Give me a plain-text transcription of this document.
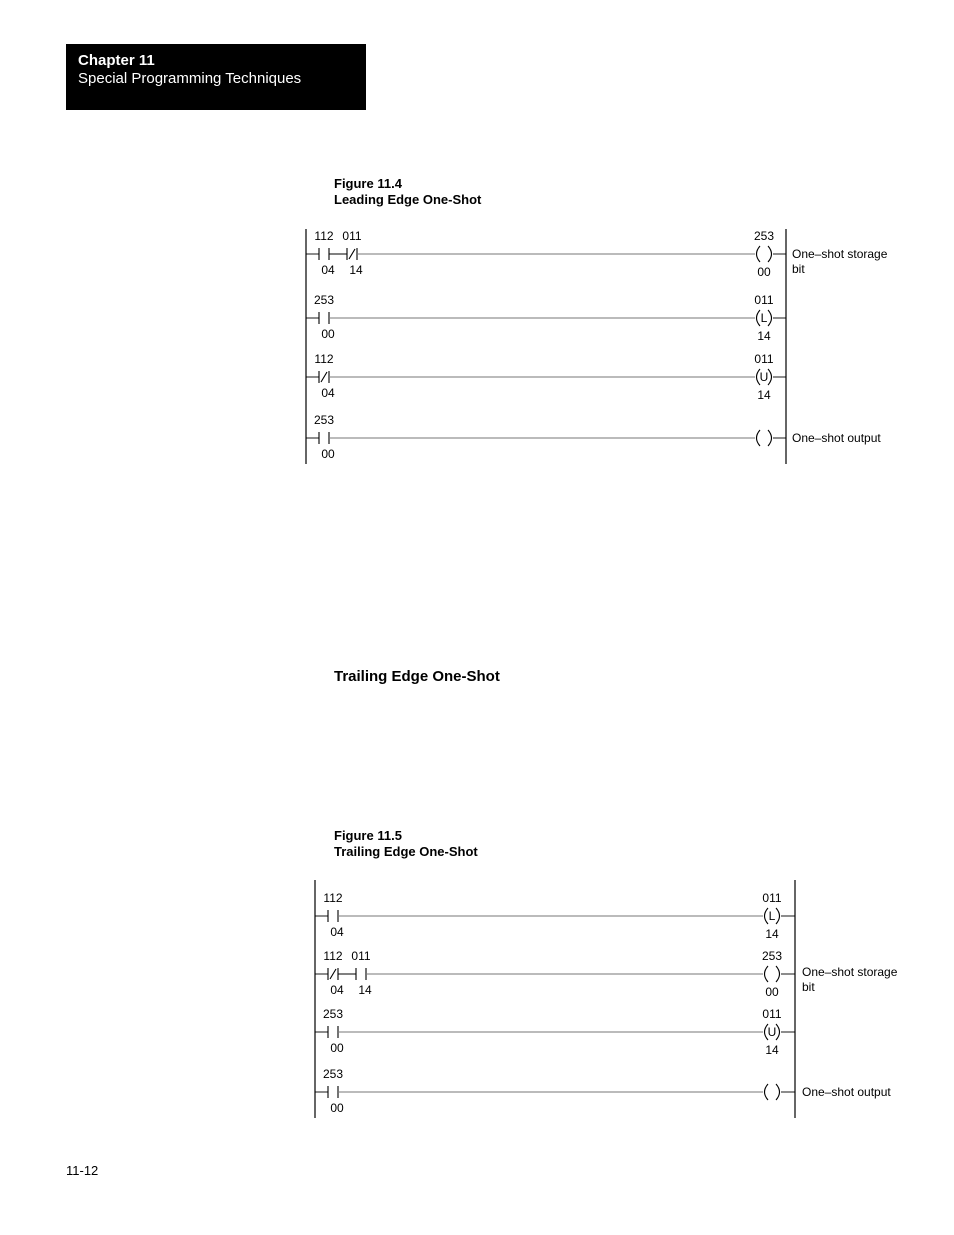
Chapter 11
Special Programming Techniques
Figure 11.4
Leading Edge One-Shot
112
04
011
14
253
00
One–shot storage bit
253
00
L
011
14
112
04
U
011
14
253
00
One–shot output
Trailing Edge One-Shot
Figure 11.5
Trailing Edge One-Shot
112
04
L
011
14
112
04
011
14
253
00
One–shot storage bit
253
00
U
011
14
253
00
One–shot output
11-12
